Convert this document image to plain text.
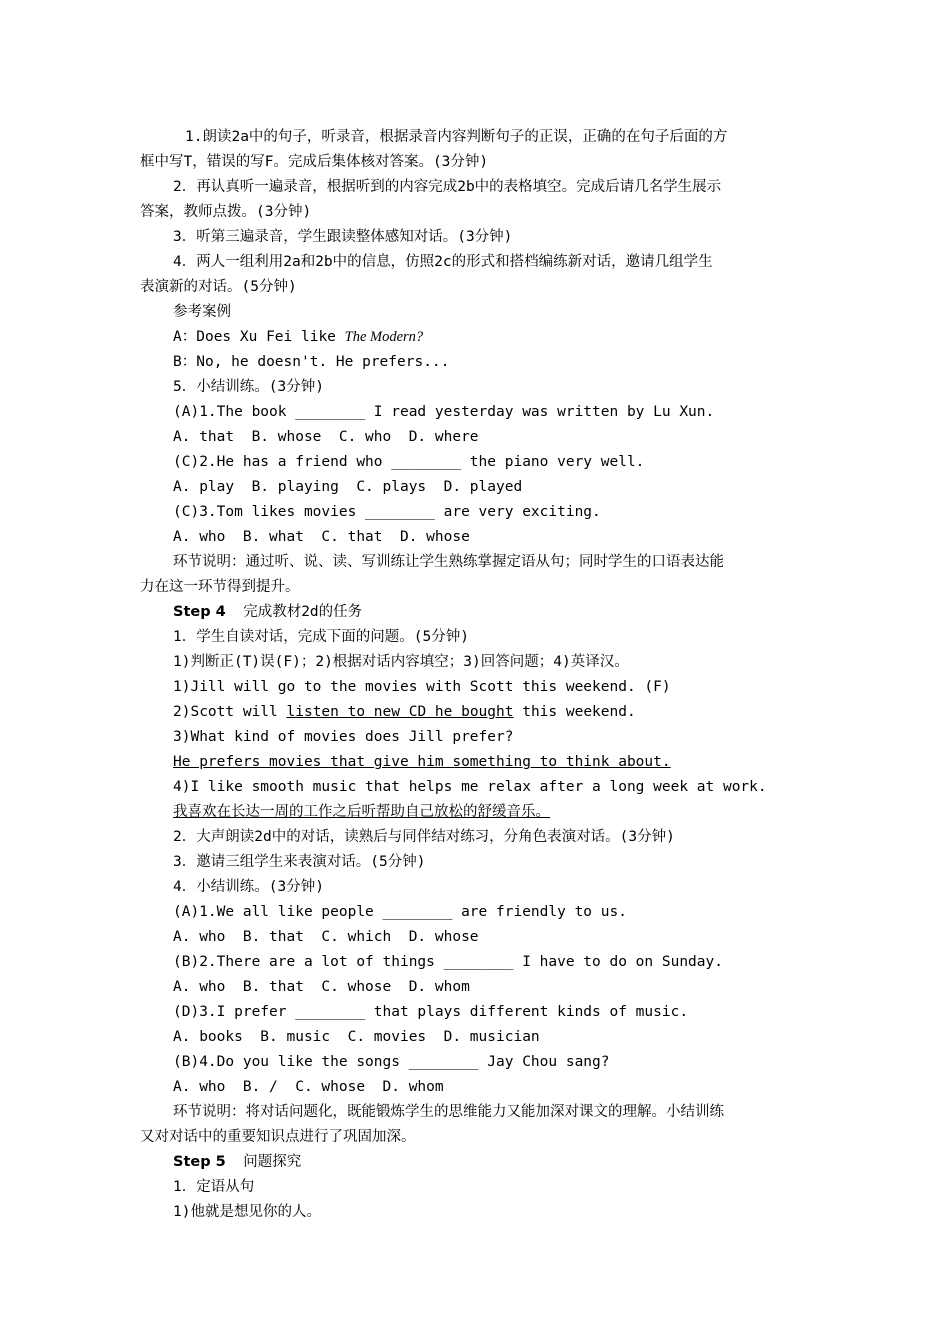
1.朗读2a中的句子，听录音，根据录音内容判断句子的正误，正确的在句子后面的方
框中写T，错误的写F。完成后集体核对答案。(3分钟)
2．再认真听一遍录音，根据听到的内容完成2b中的表格填空。完成后请几名学生展示
答案，教师点拨。(3分钟)
3．听第三遍录音，学生跟读整体感知对话。(3分钟)
4．两人一组利用2a和2b中的信息，仿照2c的形式和搭档编练新对话，邀请几组学生
表演新的对话。(5分钟)
参考案例
A：Does Xu Fei like The Modern?
B：No, he doesn't. He prefers...
5．小结训练。(3分钟)
(A)1.The book ________ I read yesterday was written by Lu Xun.
A. that  B. whose  C. who  D. where
(C)2.He has a friend who ________ the piano very well.
A. play  B. playing  C. plays  D. played
(C)3.Tom likes movies ________ are very exciting.
A. who  B. what  C. that  D. whose
环节说明：通过听、说、读、写训练让学生熟练掌握定语从句；同时学生的口语表达能
力在这一环节得到提升。
Step 4  完成教材2d的任务
1．学生自读对话，完成下面的问题。(5分钟)
1)判断正(T)误(F)；2)根据对话内容填空；3)回答问题；4)英译汉。
1)Jill will go to the movies with Scott this weekend. (F)
2)Scott will listen to new CD he bought this weekend.
3)What kind of movies does Jill prefer?
He prefers movies that give him something to think about.
4)I like smooth music that helps me relax after a long week at work.
我喜欢在长达一周的工作之后听帮助自己放松的舒缓音乐。
2．大声朗读2d中的对话，读熟后与同伴结对练习，分角色表演对话。(3分钟)
3．邀请三组学生来表演对话。(5分钟)
4．小结训练。(3分钟)
(A)1.We all like people ________ are friendly to us.
A. who  B. that  C. which  D. whose
(B)2.There are a lot of things ________ I have to do on Sunday.
A. who  B. that  C. whose  D. whom
(D)3.I prefer ________ that plays different kinds of music.
A. books  B. music  C. movies  D. musician
(B)4.Do you like the songs ________ Jay Chou sang?
A. who  B. /  C. whose  D. whom
环节说明：将对话问题化，既能锻炼学生的思维能力又能加深对课文的理解。小结训练
又对对话中的重要知识点进行了巩固加深。
Step 5  问题探究
1．定语从句
1)他就是想见你的人。
